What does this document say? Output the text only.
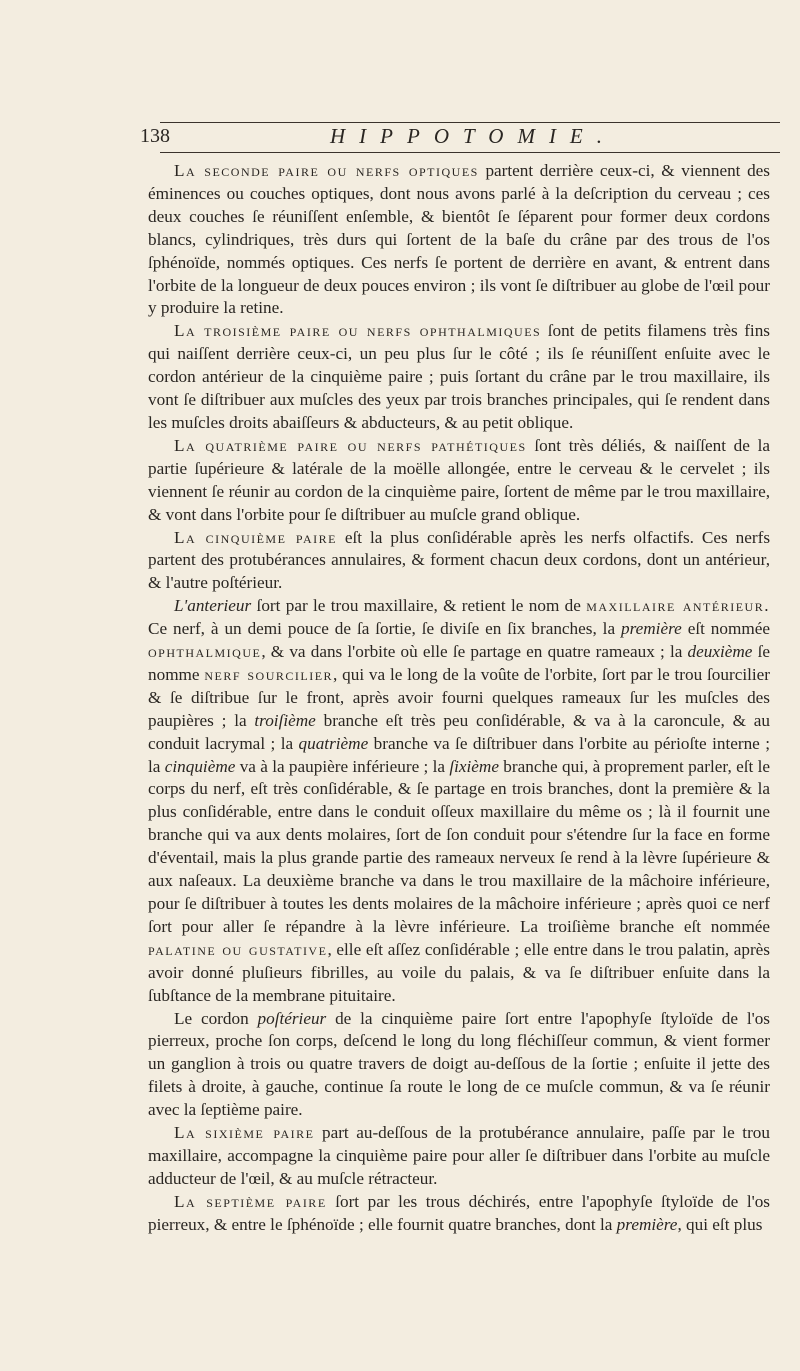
138	HIPPOTOMIE.

La seconde paire ou nerfs optiques partent derrière ceux-ci, & viennent des éminences ou couches optiques, dont nous avons parlé à la deſcription du cerveau ; ces deux couches ſe réuniſſent enſemble, & bientôt ſe ſéparent pour former deux cordons blancs, cylindriques, très durs qui ſortent de la baſe du crâne par des trous de l'os ſphénoïde, nommés optiques. Ces nerfs ſe portent de derrière en avant, & entrent dans l'orbite de la longueur de deux pouces environ ; ils vont ſe diſtribuer au globe de l'œil pour y produire la retine.

La troisième paire ou nerfs ophthalmiques ſont de petits filamens très fins qui naiſſent derrière ceux-ci, un peu plus ſur le côté ; ils ſe réuniſſent enſuite avec le cordon antérieur de la cinquième paire ; puis ſortant du crâne par le trou maxillaire, ils vont ſe diſtribuer aux muſcles des yeux par trois branches principales, qui ſe rendent dans les muſcles droits abaiſſeurs & abducteurs, & au petit oblique.

La quatrième paire ou nerfs pathétiques ſont très déliés, & naiſſent de la partie ſupérieure & latérale de la moëlle allongée, entre le cerveau & le cervelet ; ils viennent ſe réunir au cordon de la cinquième paire, ſortent de même par le trou maxillaire, & vont dans l'orbite pour ſe diſtribuer au muſcle grand oblique.

La cinquième paire eſt la plus conſidérable après les nerfs olfactifs. Ces nerfs partent des protubérances annulaires, & forment chacun deux cordons, dont un antérieur, & l'autre poſtérieur.

L'anterieur ſort par le trou maxillaire, & retient le nom de maxillaire antérieur. Ce nerf, à un demi pouce de ſa ſortie, ſe diviſe en ſix branches, la première eſt nommée ophthalmique, & va dans l'orbite où elle ſe partage en quatre rameaux ; la deuxième ſe nomme nerf sourcilier, qui va le long de la voûte de l'orbite, ſort par le trou ſourcilier & ſe diſtribue ſur le front, après avoir fourni quelques rameaux ſur les muſcles des paupières ; la troiſième branche eſt très peu conſidérable, & va à la caroncule, & au conduit lacrymal ; la quatrième branche va ſe diſtribuer dans l'orbite au périoſte interne ; la cinquième va à la paupière inférieure ; la ſixième branche qui, à proprement parler, eſt le corps du nerf, eſt très conſidérable, & ſe partage en trois branches, dont la première & la plus conſidérable, entre dans le conduit oſſeux maxillaire du même os ; là il fournit une branche qui va aux dents molaires, ſort de ſon conduit pour s'étendre ſur la face en forme d'éventail, mais la plus grande partie des rameaux nerveux ſe rend à la lèvre ſupérieure & aux naſeaux. La deuxième branche va dans le trou maxillaire de la mâchoire inférieure, pour ſe diſtribuer à toutes les dents molaires de la mâchoire inférieure ; après quoi ce nerf ſort pour aller ſe répandre à la lèvre inférieure. La troiſième branche eſt nommée palatine ou gustative, elle eſt aſſez conſidérable ; elle entre dans le trou palatin, après avoir donné pluſieurs fibrilles, au voile du palais, & va ſe diſtribuer enſuite dans la ſubſtance de la membrane pituitaire.

Le cordon poſtérieur de la cinquième paire ſort entre l'apophyſe ſtyloïde de l'os pierreux, proche ſon corps, deſcend le long du long fléchiſſeur commun, & vient former un ganglion à trois ou quatre travers de doigt au-deſſous de la ſortie ; enſuite il jette des filets à droite, à gauche, continue ſa route le long de ce muſcle commun, & va ſe réunir avec la ſeptième paire.

La sixième paire part au-deſſous de la protubérance annulaire, paſſe par le trou maxillaire, accompagne la cinquième paire pour aller ſe diſtribuer dans l'orbite au muſcle adducteur de l'œil, & au muſcle rétracteur.

La septième paire ſort par les trous déchirés, entre l'apophyſe ſtyloïde de l'os pierreux, & entre le ſphénoïde ; elle fournit quatre branches, dont la première, qui eſt plus
